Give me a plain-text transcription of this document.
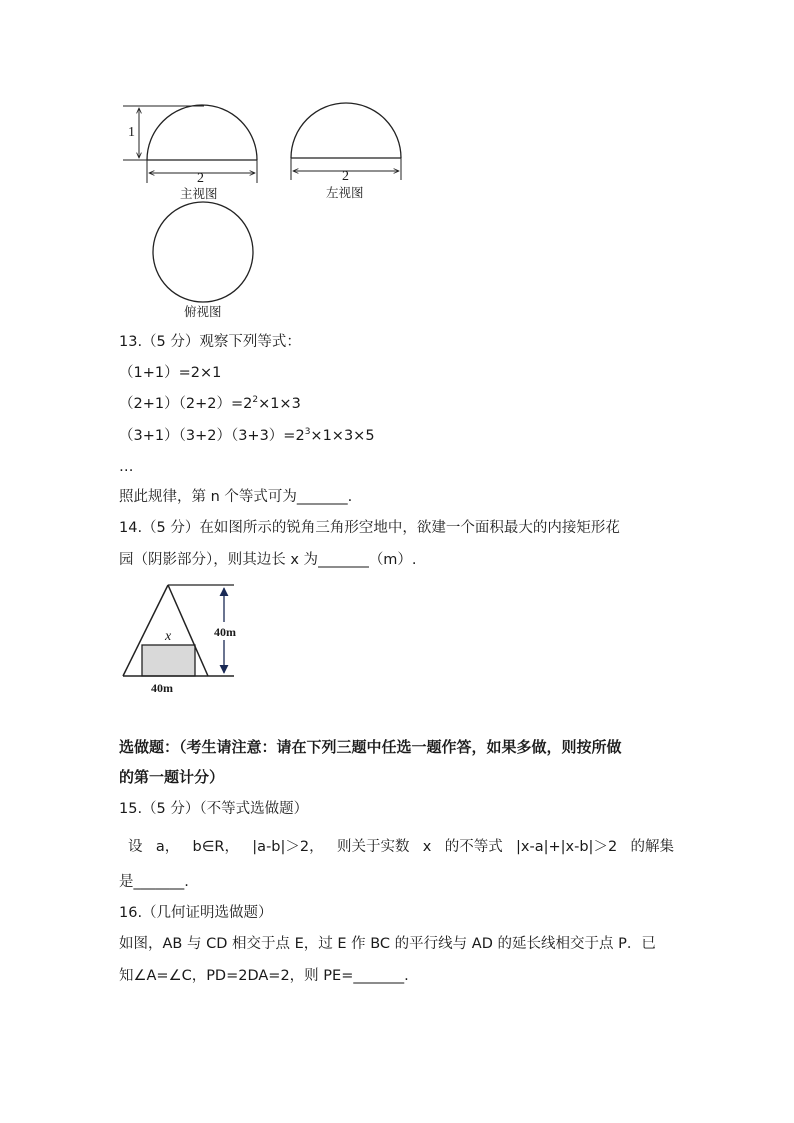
1
2
主视图
2
左视图
俯视图
13.（5 分）观察下列等式：
（1+1）=2×1
$(2+1)(2+2)=2^2\times 1\times 3$
$(3+1)(3+2)(3+3)=2^3\times 1\times 3\times 5$
…
照此规律，第 n 个等式可为_______.
14.（5 分）在如图所示的锐角三角形空地中，欲建一个面积最大的内接矩形花
园（阴影部分），则其边长 x 为_______（m）.
x	40m
40m
选做题：（考生请注意：请在下列三题中任选一题作答，如果多做，则按所做
的第一题计分）
15.（5 分）（不等式选做题）
设 a， b∈R， |a-b|＞2， 则关于实数 x 的不等式 |x-a|+|x-b|＞2 的解集
是_______.
16.（几何证明选做题）
如图，AB 与 CD 相交于点 E，过 E 作 BC 的平行线与 AD 的延长线相交于点 P．已
知∠A=∠C，PD=2DA=2，则 PE=_______.
